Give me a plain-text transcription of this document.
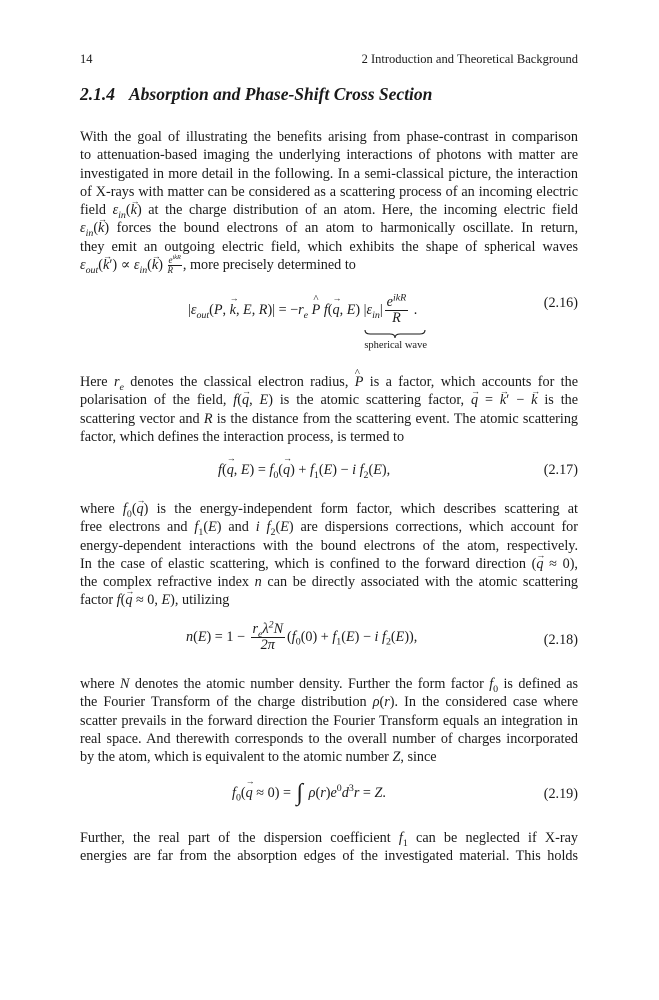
14	2 Introduction and Theoretical Background
2.1.4 Absorption and Phase-Shift Cross Section
With the goal of illustrating the benefits arising from phase-contrast in comparison
to attenuation-based imaging the underlying interactions of photons with matter are
investigated in more detail in the following. In a semi-classical picture, the interaction
of X-rays with matter can be considered as a scattering process of an incoming electric
field $\varepsilon_{in}(\to k)$ at the charge distribution of an atom. Here, the incoming electric field
$\varepsilon_{in}(\to k)$ forces the bound electrons of an atom to harmonically oscillate. In return,
they emit an outgoing electric field, which exhibits the shape of spherical waves
$\varepsilon_{out}(\to k') \propto \varepsilon_{in}(\to k)$ $e^{ikR}$
R , more precisely determined to
$|\varepsilon_{out}(P$, → k, E, $R)| = -r_e$ ^ P f(→ q, E) $|\varepsilon_{in}| \frac{e^{ikR}}{R}$
spherical wave
.	(2.16)
Here $r_e$ denotes the classical electron radius, ^ P is a factor, which accounts for the
polarisation of the field, f(→ q, E) is the atomic scattering factor, → q = → k′ − → k is the
scattering vector and R is the distance from the scattering event. The atomic scattering
factor, which defines the interaction process, is termed to
f(→ q, $E) = f_0(\to q) + f_1(E) - i$ $f_2(E)$,	(2.17)
where $f_0(\to q)$ is the energy-independent form factor, which describes scattering at
free electrons and $f_1(E)$ and i $f_2(E)$ are dispersions corrections, which account for
energy-dependent interactions with the bound electrons of the atom, respectively.
In the case of elastic scattering, which is confined to the forward direction (→ q ≈ 0),
the complex refractive index n can be directly associated with the atomic scattering
factor f(→ q ≈ 0, E), utilizing
$n(E) = 1 - \frac{r_e\lambda^2N}{2\pi} (f_0(0) + f_1(E) - i$ $f_2(E)$),	(2.18)
where N denotes the atomic number density. Further the form factor $f_0$ is defined as
the Fourier Transform of the charge distribution ρ(r). In the considered case where
scatter prevails in the forward direction the Fourier Transform equals an integration in
real space. And therewith corresponds to the overall number of charges incorporated
by the atom, which is equivalent to the atomic number Z, since
$f_0(\to q \approx 0)$ = ∫ $\rho(r)e^0d^3r = Z$.	(2.19)
Further, the real part of the dispersion coefficient $f_1$ can be neglected if X-ray
energies are far from the absorption edges of the investigated material. This holds
